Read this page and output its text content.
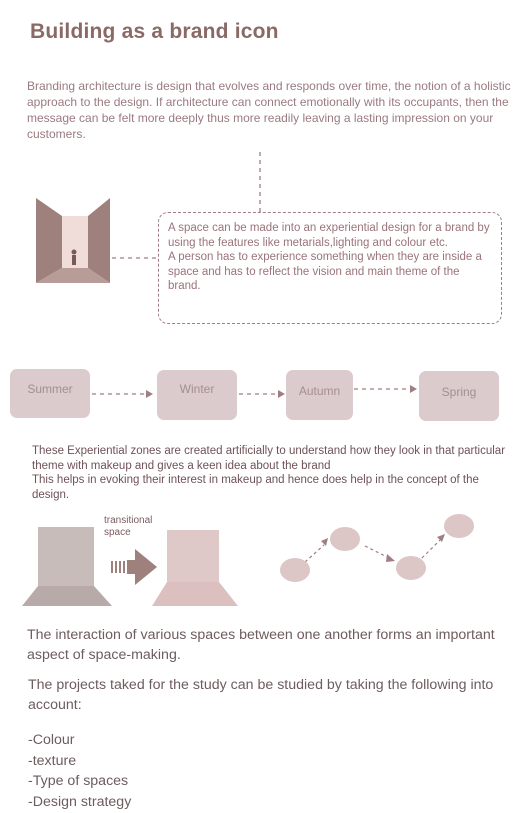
Building as a brand icon
Branding architecture is design that evolves and responds over time, the notion of a holistic approach to the design. If architecture can connect emotionally with its occupants, then the message can be felt more deeply thus more readily leaving a lasting impression on your customers.

A space can be made into an experiential design for a brand by using the features like metarials,lighting and colour etc.

A person has to experience something when they are inside a space and has to reflect the vision and main theme of the brand.

Summer	Winter	Autumn	Spring

These Experiential zones are created artificially to understand how they look in that particular theme with makeup and gives a keen idea about the brand

This helps in evoking their interest in makeup and hence does help in the concept of the design.

transitional space
The interaction of various spaces between one another forms an important aspect of space-making.
The projects taked for the study can be studied by taking the following into account:
-Colour
-texture
-Type of spaces
-Design strategy
